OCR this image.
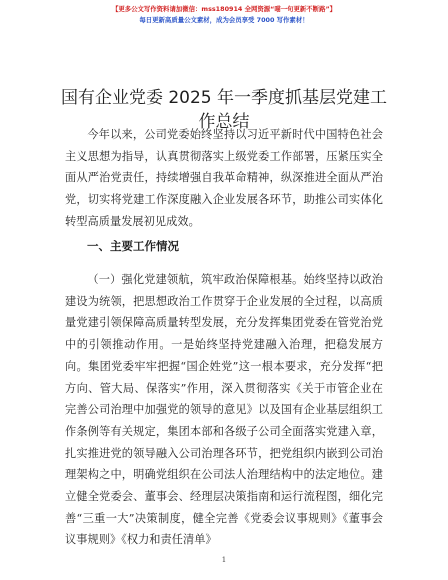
【更多公文写作资料请加微信：mss180914 全网资源“喵一句更新不断路”】
每日更新高质量公文素材，成为会员享受 7000 写作素材！
国有企业党委 2025 年一季度抓基层党建工作总结

今年以来，公司党委始终坚持以习近平新时代中国特色社会主义思想为指导，认真贯彻落实上级党委工作部署，压紧压实全面从严治党责任，持续增强自我革命精神，纵深推进全面从严治党，切实将党建工作深度融入企业发展各环节，助推公司实体化转型高质量发展初见成效。

一、主要工作情况

（一）强化党建领航，筑牢政治保障根基。始终坚持以政治建设为统领，把思想政治工作贯穿于企业发展的全过程，以高质量党建引领保障高质量转型发展，充分发挥集团党委在管党治党中的引领推动作用。一是始终坚持党建融入治理，把稳发展方向。集团党委牢牢把握“国企姓党”这一根本要求，充分发挥“把方向、管大局、保落实”作用，深入贯彻落实《关于市管企业在完善公司治理中加强党的领导的意见》以及国有企业基层组织工作条例等有关规定，集团本部和各级子公司全面落实党建入章，扎实推进党的领导融入公司治理各环节，把党组织内嵌到公司治理架构之中，明确党组织在公司法人治理结构中的法定地位。建立健全党委会、董事会、经理层决策指南和运行流程图，细化完善“三重一大”决策制度，健全完善《党委会议事规则》《董事会议事规则》《权力和责任清单》

1
